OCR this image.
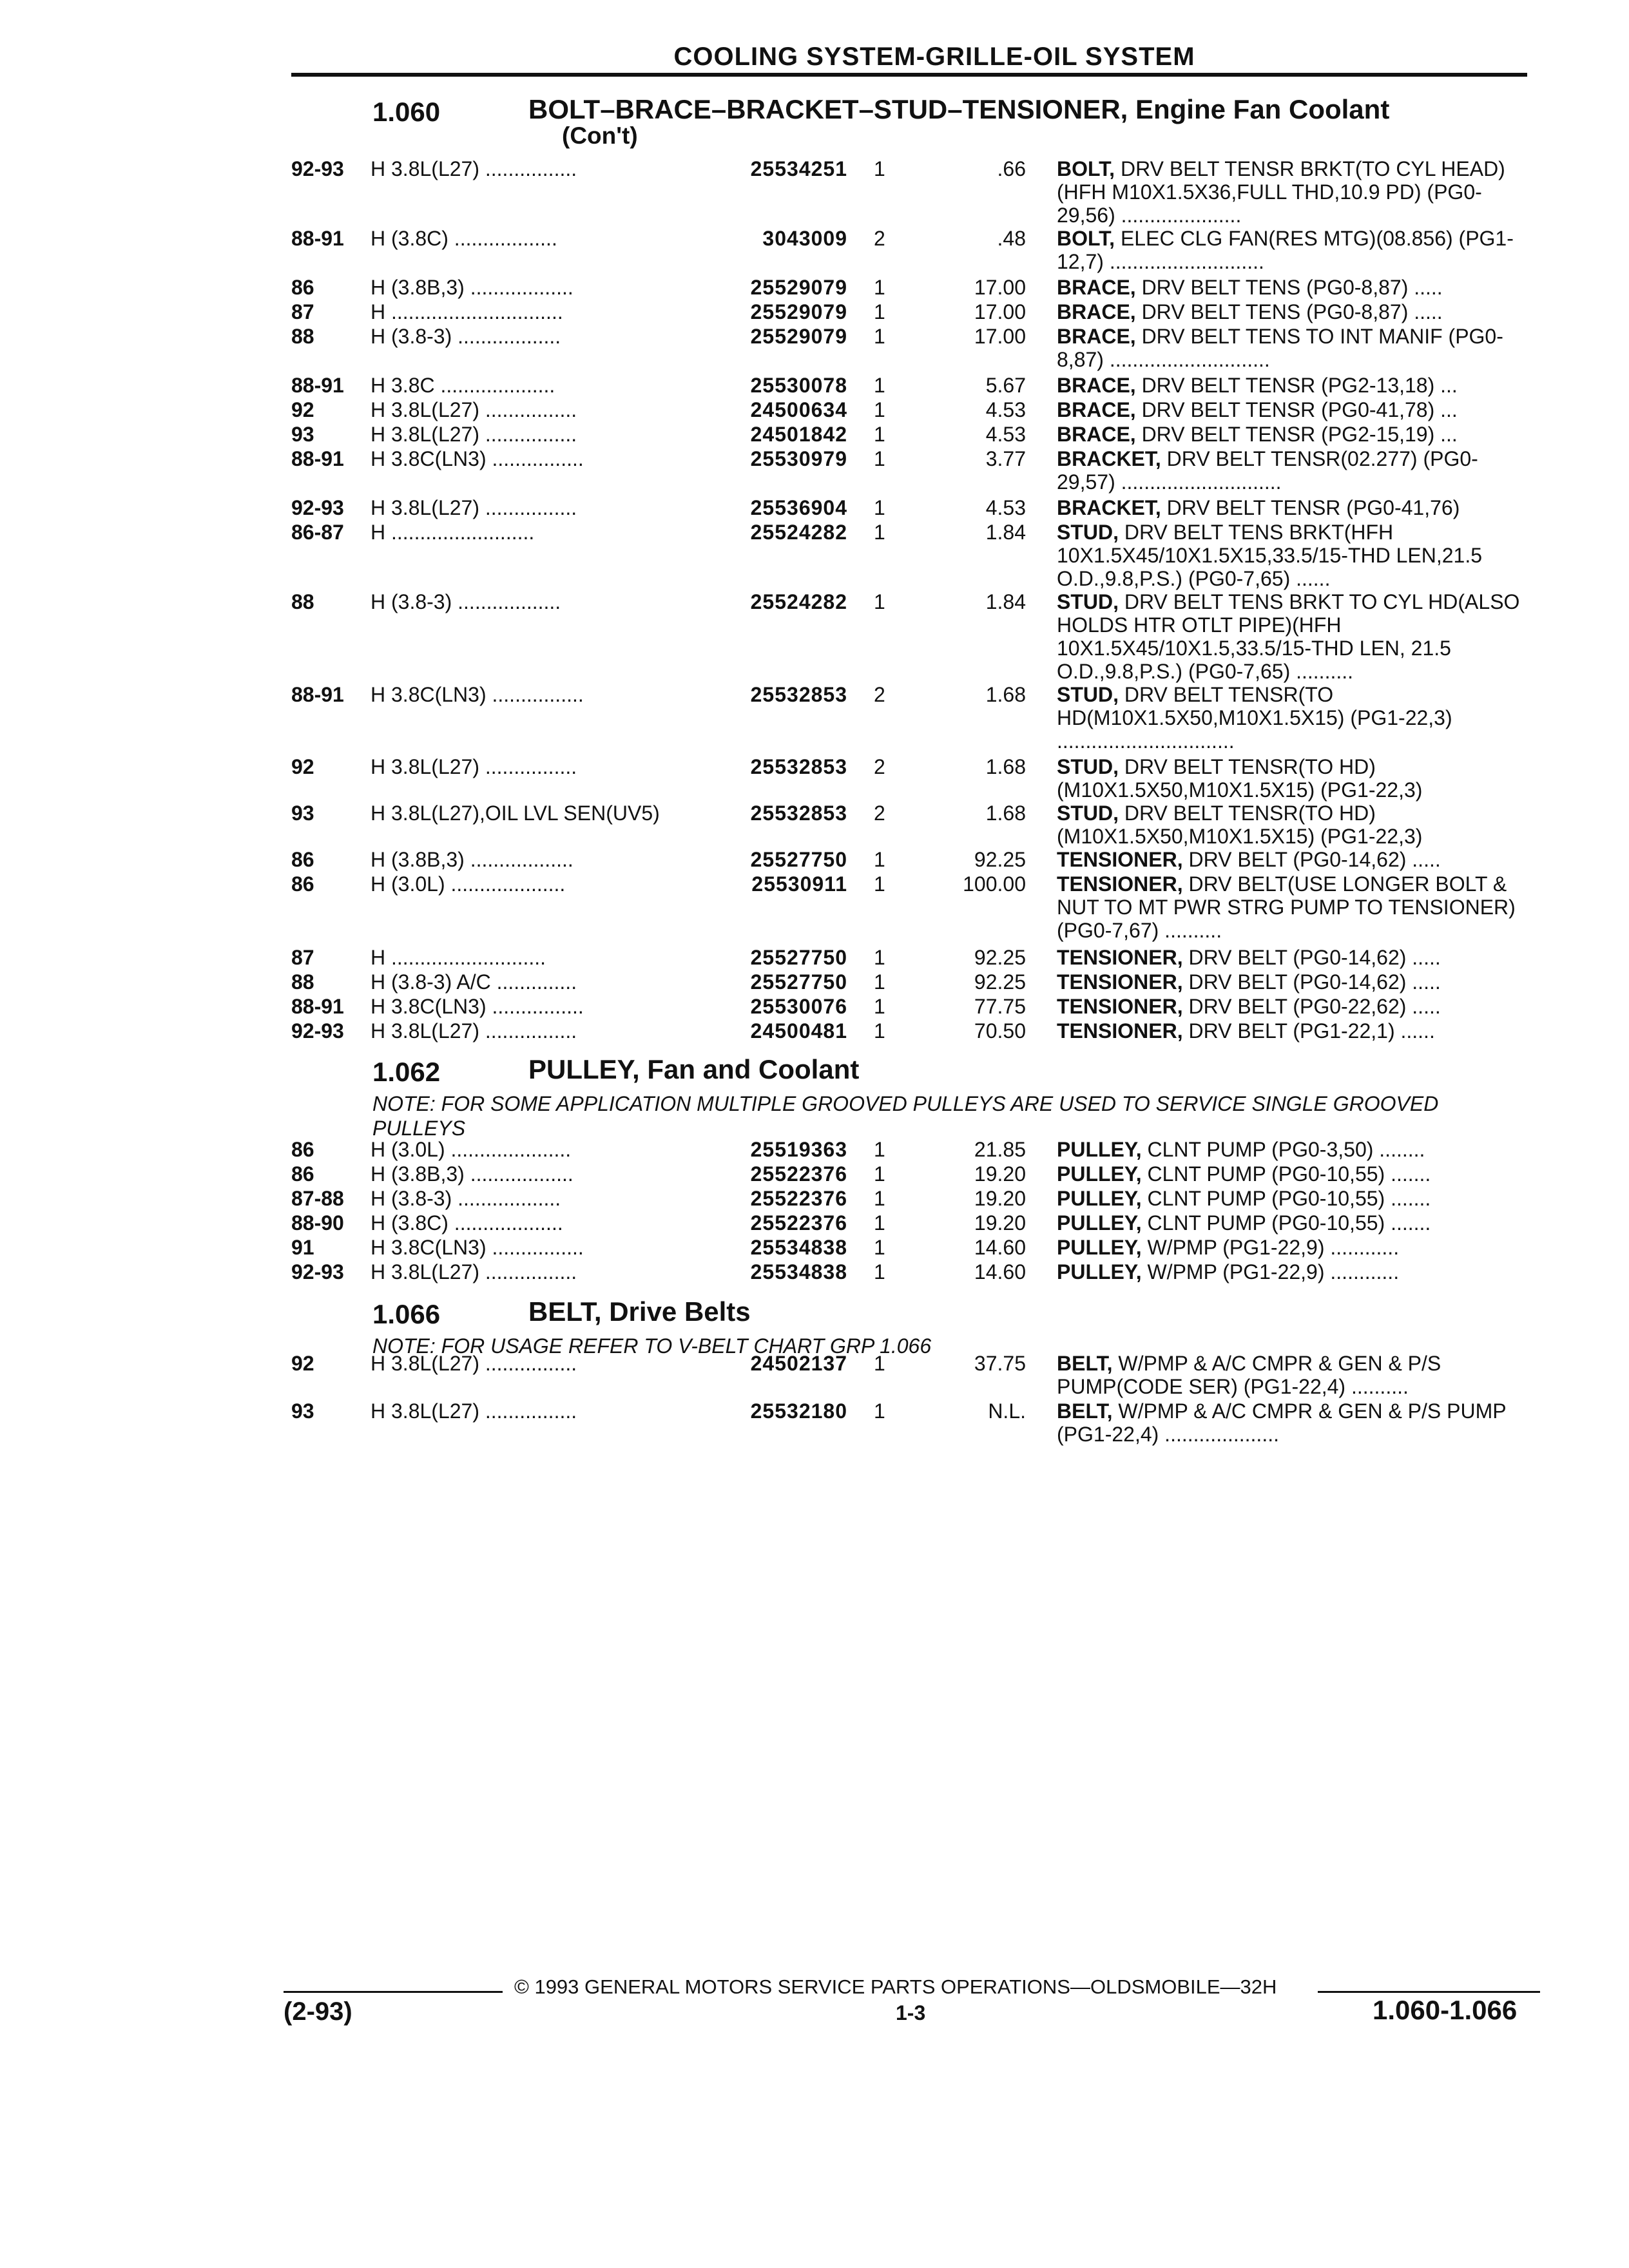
COOLING SYSTEM-GRILLE-OIL SYSTEM
1.060	BOLT–BRACE–BRACKET–STUD–TENSIONER, Engine Fan Coolant
(Con't)
92-93 H 3.8L(L27) ................	25534251 1	.66 BOLT, DRV BELT TENSR BRKT(TO CYL HEAD)(HFH M10X1.5X36,FULL THD,10.9 PD) (PG0-29,56) .....................
88-91 H (3.8C) ..................	3043009 2	.48 BOLT, ELEC CLG FAN(RES MTG)(08.856) (PG1-12,7) ...........................
86	H (3.8B,3) ..................	25529079 1	17.00 BRACE, DRV BELT TENS (PG0-8,87) .....
87	H ..............................	25529079 1	17.00 BRACE, DRV BELT TENS (PG0-8,87) .....
88	H (3.8-3) ..................	25529079 1	17.00 BRACE, DRV BELT TENS TO INT MANIF (PG0-8,87) ............................
88-91 H 3.8C ....................	25530078 1	5.67 BRACE, DRV BELT TENSR (PG2-13,18) ...
92	H 3.8L(L27) ................	24500634 1	4.53 BRACE, DRV BELT TENSR (PG0-41,78) ...
93	H 3.8L(L27) ................	24501842 1	4.53 BRACE, DRV BELT TENSR (PG2-15,19) ...
88-91 H 3.8C(LN3) ................	25530979 1	3.77 BRACKET, DRV BELT TENSR(02.277) (PG0-29,57) ............................
92-93 H 3.8L(L27) ................	25536904 1	4.53 BRACKET, DRV BELT TENSR (PG0-41,76)
86-87 H .........................	25524282 1	1.84 STUD, DRV BELT TENS BRKT(HFH 10X1.5X45/10X1.5X15,33.5/15-THD LEN,21.5 O.D.,9.8,P.S.) (PG0-7,65) ......
88	H (3.8-3) ..................	25524282 1	1.84 STUD, DRV BELT TENS BRKT TO CYL HD(ALSO HOLDS HTR OTLT PIPE)(HFH 10X1.5X45/10X1.5,33.5/15-THD LEN, 21.5 O.D.,9.8,P.S.) (PG0-7,65) ..........
88-91 H 3.8C(LN3) ................	25532853 2	1.68 STUD, DRV BELT TENSR(TO HD(M10X1.5X50,M10X1.5X15) (PG1-22,3) ...............................
92	H 3.8L(L27) ................	25532853 2	1.68 STUD, DRV BELT TENSR(TO HD) (M10X1.5X50,M10X1.5X15) (PG1-22,3)
93	H 3.8L(L27),OIL LVL SEN(UV5)	25532853 2	1.68 STUD, DRV BELT TENSR(TO HD) (M10X1.5X50,M10X1.5X15) (PG1-22,3)
86	H (3.8B,3) ..................	25527750 1	92.25 TENSIONER, DRV BELT (PG0-14,62) .....
86	H (3.0L) ....................	25530911 1	100.00 TENSIONER, DRV BELT(USE LONGER BOLT & NUT TO MT PWR STRG PUMP TO TENSIONER) (PG0-7,67) ..........
87	H ...........................	25527750 1	92.25 TENSIONER, DRV BELT (PG0-14,62) .....
88	H (3.8-3) A/C ..............	25527750 1	92.25 TENSIONER, DRV BELT (PG0-14,62) .....
88-91 H 3.8C(LN3) ................	25530076 1	77.75 TENSIONER, DRV BELT (PG0-22,62) .....
92-93 H 3.8L(L27) ................	24500481 1	70.50 TENSIONER, DRV BELT (PG1-22,1) ......
1.062	PULLEY, Fan and Coolant
NOTE: FOR SOME APPLICATION MULTIPLE GROOVED PULLEYS ARE USED TO SERVICE SINGLE GROOVED PULLEYS
86	H (3.0L) .....................	25519363 1	21.85 PULLEY, CLNT PUMP (PG0-3,50) ........
86	H (3.8B,3) ..................	25522376 1	19.20 PULLEY, CLNT PUMP (PG0-10,55) .......
87-88 H (3.8-3) ..................	25522376 1	19.20 PULLEY, CLNT PUMP (PG0-10,55) .......
88-90 H (3.8C) ...................	25522376 1	19.20 PULLEY, CLNT PUMP (PG0-10,55) .......
91	H 3.8C(LN3) ................	25534838 1	14.60 PULLEY, W/PMP (PG1-22,9) ............
92-93 H 3.8L(L27) ................	25534838 1	14.60 PULLEY, W/PMP (PG1-22,9) ............
1.066	BELT, Drive Belts
NOTE: FOR USAGE REFER TO V-BELT CHART GRP 1.066
92	H 3.8L(L27) ................	24502137 1	37.75 BELT, W/PMP & A/C CMPR & GEN & P/S PUMP(CODE SER) (PG1-22,4) ..........
93	H 3.8L(L27) ................	25532180 1	N.L. BELT, W/PMP & A/C CMPR & GEN & P/S PUMP (PG1-22,4) ....................
© 1993 GENERAL MOTORS SERVICE PARTS OPERATIONS—OLDSMOBILE—32H
(2-93)	1-3	1.060-1.066
